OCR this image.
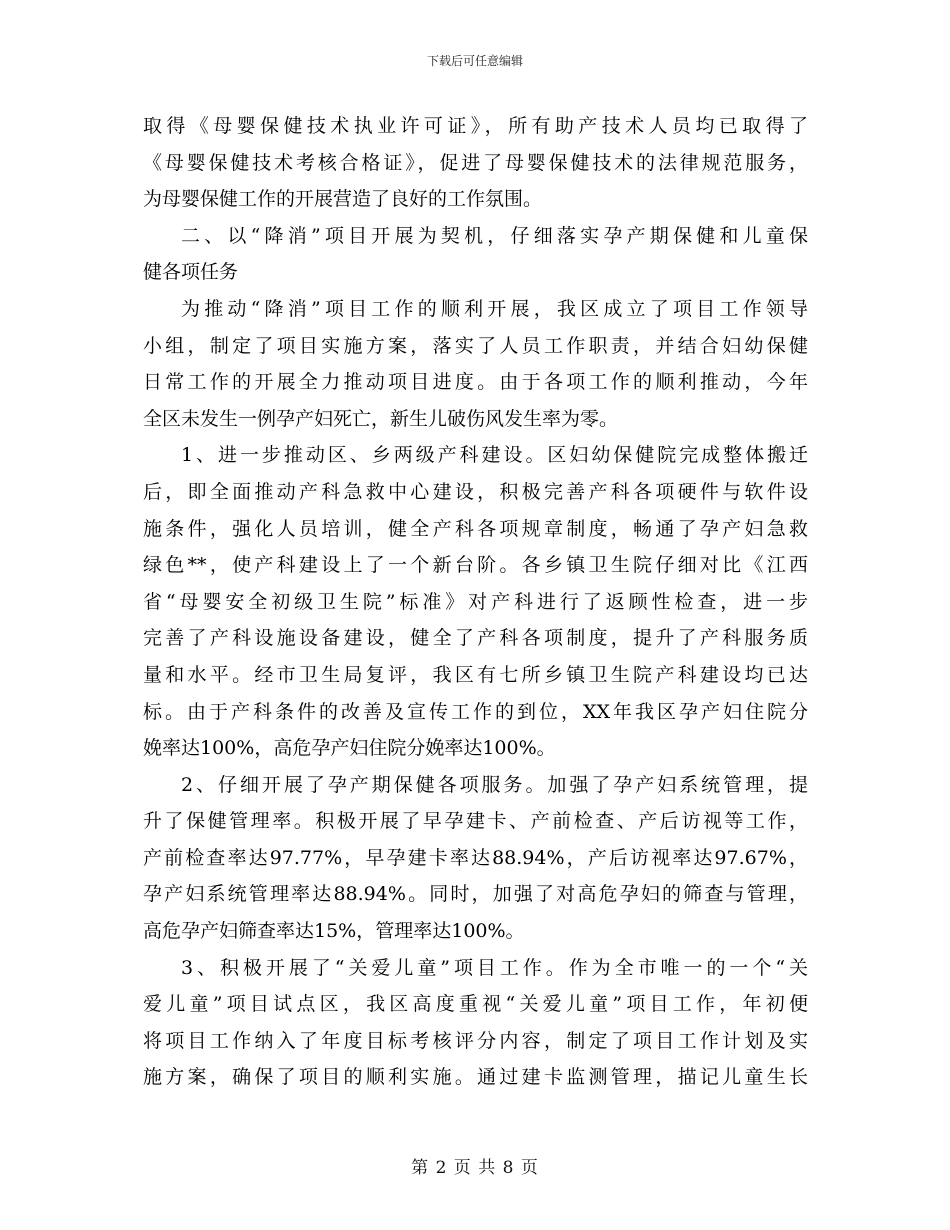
下载后可任意编辑
取得《母婴保健技术执业许可证》，所有助产技术人员均已取得了
《母婴保健技术考核合格证》，促进了母婴保健技术的法律规范服务，
为母婴保健工作的开展营造了良好的工作氛围。
二、以“降消”项目开展为契机，仔细落实孕产期保健和儿童保
健各项任务
为推动“降消”项目工作的顺利开展，我区成立了项目工作领导
小组，制定了项目实施方案，落实了人员工作职责，并结合妇幼保健
日常工作的开展全力推动项目进度。由于各项工作的顺利推动，今年
全区未发生一例孕产妇死亡，新生儿破伤风发生率为零。
1、进一步推动区、乡两级产科建设。区妇幼保健院完成整体搬迁
后，即全面推动产科急救中心建设，积极完善产科各项硬件与软件设
施条件，强化人员培训，健全产科各项规章制度，畅通了孕产妇急救
绿色**，使产科建设上了一个新台阶。各乡镇卫生院仔细对比《江西
省“母婴安全初级卫生院”标准》对产科进行了返顾性检查，进一步
完善了产科设施设备建设，健全了产科各项制度，提升了产科服务质
量和水平。经市卫生局复评，我区有七所乡镇卫生院产科建设均已达
标。由于产科条件的改善及宣传工作的到位，XX年我区孕产妇住院分
娩率达100%，高危孕产妇住院分娩率达100%。
2、仔细开展了孕产期保健各项服务。加强了孕产妇系统管理，提
升了保健管理率。积极开展了早孕建卡、产前检查、产后访视等工作，
产前检查率达97.77%，早孕建卡率达88.94%，产后访视率达97.67%，
孕产妇系统管理率达88.94%。同时，加强了对高危孕妇的筛查与管理，
高危孕产妇筛查率达15%，管理率达100%。
3、积极开展了“关爱儿童”项目工作。作为全市唯一的一个“关
爱儿童”项目试点区，我区高度重视“关爱儿童”项目工作，年初便
将项目工作纳入了年度目标考核评分内容，制定了项目工作计划及实
施方案，确保了项目的顺利实施。通过建卡监测管理，描记儿童生长
第 2 页 共 8 页
